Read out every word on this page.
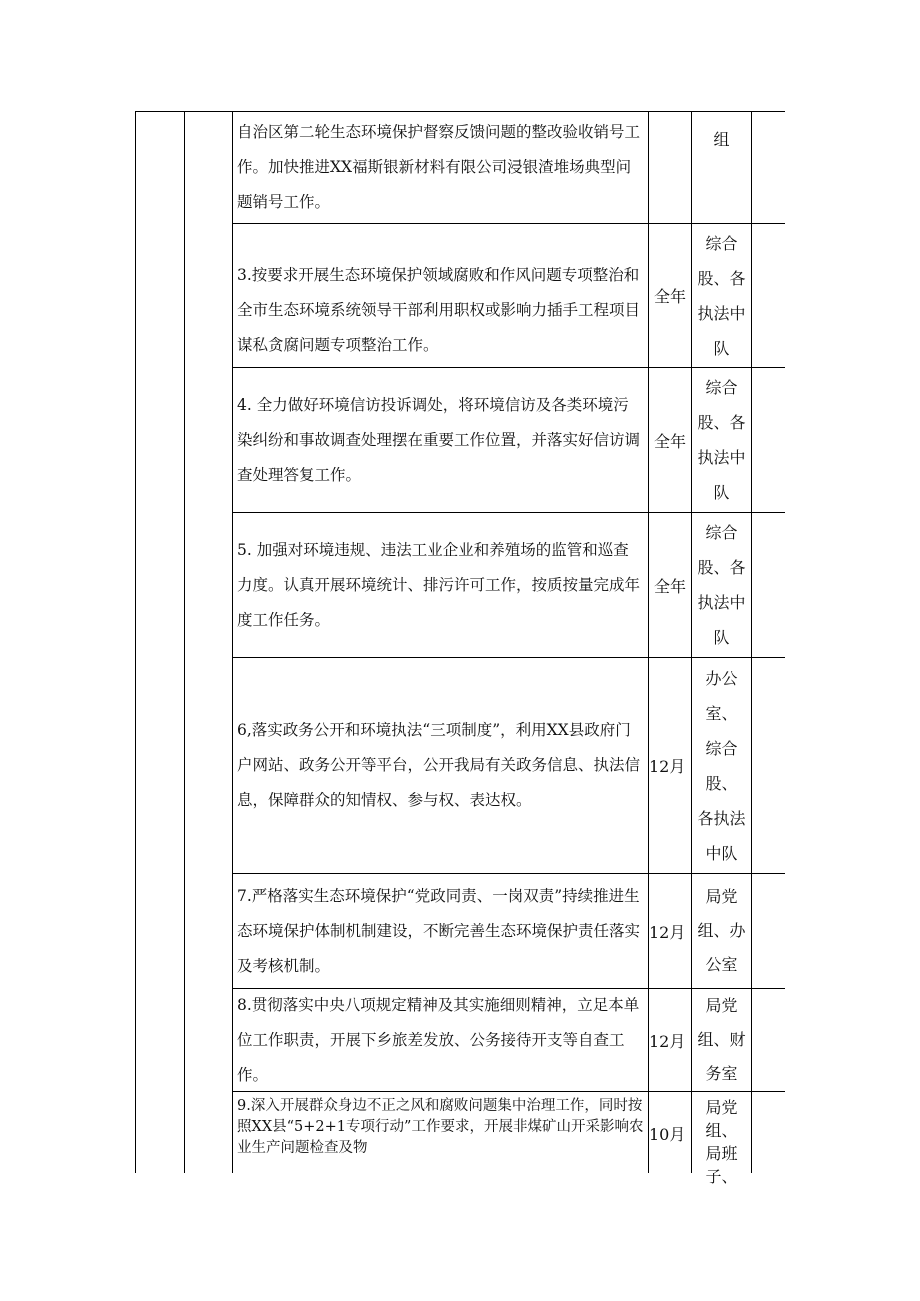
自治区第二轮生态环境保护督察反馈问题的整改验收销号工作。加快推进XX福斯银新材料有限公司浸银渣堆场典型问题销号工作。
组
3.按要求开展生态环境保护领域腐败和作风问题专项整治和全市生态环境系统领导干部利用职权或影响力插手工程项目谋私贪腐问题专项整治工作。
全年
综合
股、各
执法中
队
4. 全力做好环境信访投诉调处，将环境信访及各类环境污染纠纷和事故调查处理摆在重要工作位置，并落实好信访调查处理答复工作。
全年
综合
股、各
执法中
队
5. 加强对环境违规、违法工业企业和养殖场的监管和巡查力度。认真开展环境统计、排污许可工作，按质按量完成年度工作任务。
全年
综合
股、各
执法中
队
6,落实政务公开和环境执法“三项制度”，利用XX县政府门户网站、政务公开等平台，公开我局有关政务信息、执法信息，保障群众的知情权、参与权、表达权。
12月
办公室、
综合股、
各执法
中队
7.严格落实生态环境保护“党政同责、一岗双责”持续推进生态环境保护体制机制建设，不断完善生态环境保护责任落实及考核机制。
12月
局党
组、办
公室
8.贯彻落实中央八项规定精神及其实施细则精神，立足本单位工作职责，开展下乡旅差发放、公务接待开支等自查工作。
12月
局党
组、财
务室
9.深入开展群众身边不正之风和腐败问题集中治理工作，同时按照XX县“5+2+1专项行动”工作要求，开展非煤矿山开采影响农业生产问题检查及物
10月
局党组、
局班子、
